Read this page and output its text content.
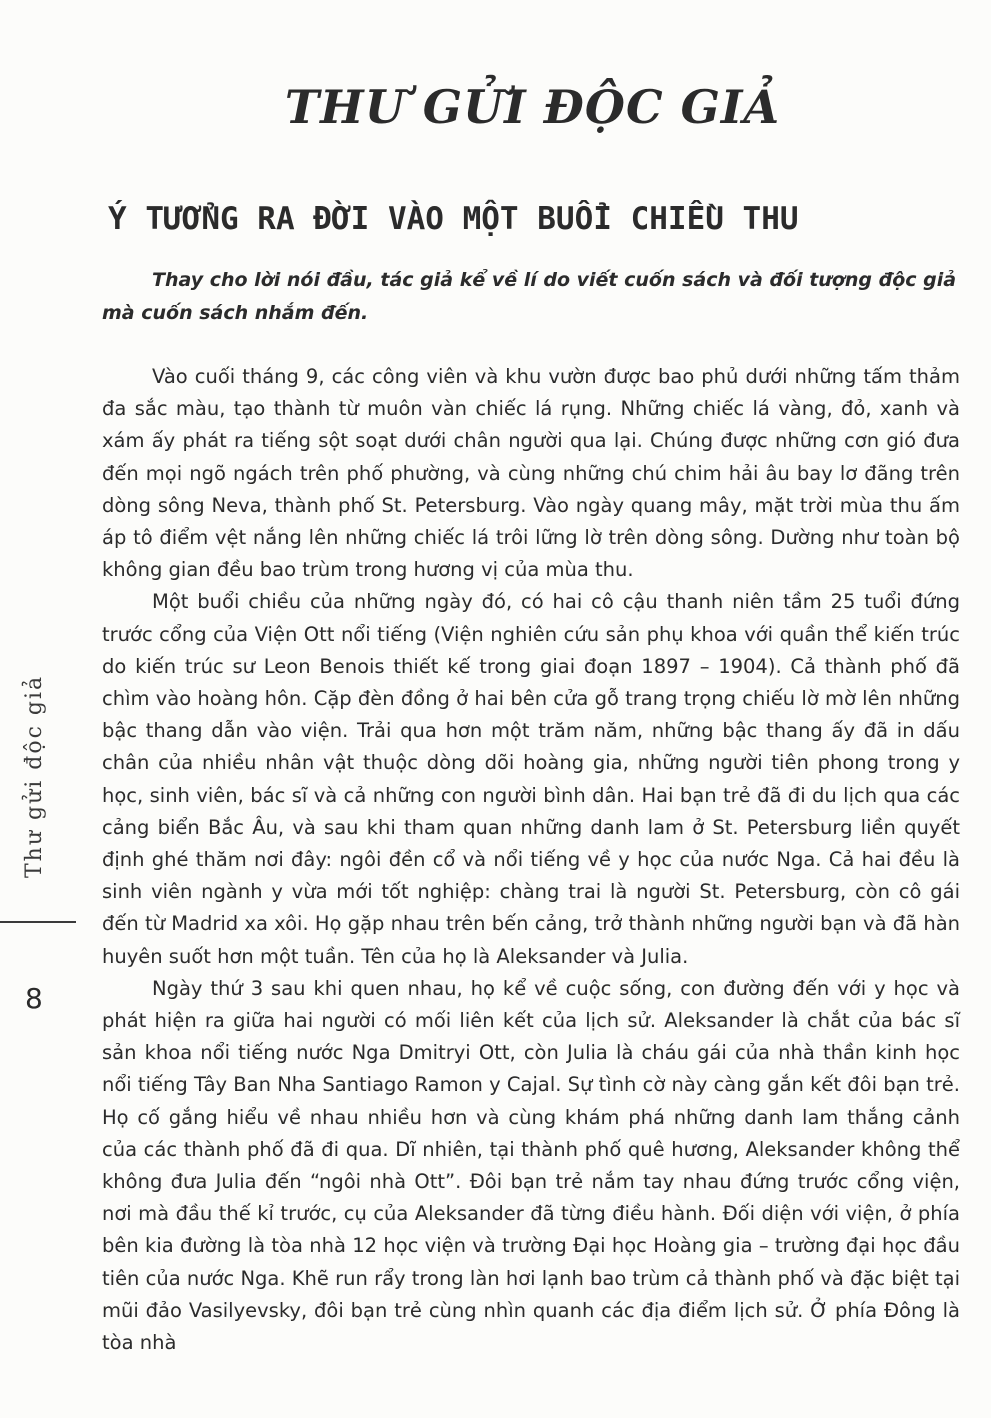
THƯ GỬI ĐỘC GIẢ
Ý TƯỞNG RA ĐỜI VÀO MỘT BUỔI CHIỀU THU

Thay cho lời nói đầu, tác giả kể về lí do viết cuốn sách và đối tượng độc giả mà cuốn sách nhắm đến.

Vào cuối tháng 9, các công viên và khu vườn được bao phủ dưới những tấm thảm đa sắc màu, tạo thành từ muôn vàn chiếc lá rụng. Những chiếc lá vàng, đỏ, xanh và xám ấy phát ra tiếng sột soạt dưới chân người qua lại. Chúng được những cơn gió đưa đến mọi ngõ ngách trên phố phường, và cùng những chú chim hải âu bay lơ đãng trên dòng sông Neva, thành phố St. Petersburg. Vào ngày quang mây, mặt trời mùa thu ấm áp tô điểm vệt nắng lên những chiếc lá trôi lững lờ trên dòng sông. Dường như toàn bộ không gian đều bao trùm trong hương vị của mùa thu.

Một buổi chiều của những ngày đó, có hai cô cậu thanh niên tầm 25 tuổi đứng trước cổng của Viện Ott nổi tiếng (Viện nghiên cứu sản phụ khoa với quần thể kiến trúc do kiến trúc sư Leon Benois thiết kế trong giai đoạn 1897 – 1904). Cả thành phố đã chìm vào hoàng hôn. Cặp đèn đồng ở hai bên cửa gỗ trang trọng chiếu lờ mờ lên những bậc thang dẫn vào viện. Trải qua hơn một trăm năm, những bậc thang ấy đã in dấu chân của nhiều nhân vật thuộc dòng dõi hoàng gia, những người tiên phong trong y học, sinh viên, bác sĩ và cả những con người bình dân. Hai bạn trẻ đã đi du lịch qua các cảng biển Bắc Âu, và sau khi tham quan những danh lam ở St. Petersburg liền quyết định ghé thăm nơi đây: ngôi đền cổ và nổi tiếng về y học của nước Nga. Cả hai đều là sinh viên ngành y vừa mới tốt nghiệp: chàng trai là người St. Petersburg, còn cô gái đến từ Madrid xa xôi. Họ gặp nhau trên bến cảng, trở thành những người bạn và đã hàn huyên suốt hơn một tuần. Tên của họ là Aleksander và Julia.

Ngày thứ 3 sau khi quen nhau, họ kể về cuộc sống, con đường đến với y học và phát hiện ra giữa hai người có mối liên kết của lịch sử. Aleksander là chắt của bác sĩ sản khoa nổi tiếng nước Nga Dmitryi Ott, còn Julia là cháu gái của nhà thần kinh học nổi tiếng Tây Ban Nha Santiago Ramon y Cajal. Sự tình cờ này càng gắn kết đôi bạn trẻ. Họ cố gắng hiểu về nhau nhiều hơn và cùng khám phá những danh lam thắng cảnh của các thành phố đã đi qua. Dĩ nhiên, tại thành phố quê hương, Aleksander không thể không đưa Julia đến “ngôi nhà Ott”. Đôi bạn trẻ nắm tay nhau đứng trước cổng viện, nơi mà đầu thế kỉ trước, cụ của Aleksander đã từng điều hành. Đối diện với viện, ở phía bên kia đường là tòa nhà 12 học viện và trường Đại học Hoàng gia – trường đại học đầu tiên của nước Nga. Khẽ run rẩy trong làn hơi lạnh bao trùm cả thành phố và đặc biệt tại mũi đảo Vasilyevsky, đôi bạn trẻ cùng nhìn quanh các địa điểm lịch sử. Ở phía Đông là tòa nhà

Thư gửi độc giả
8
